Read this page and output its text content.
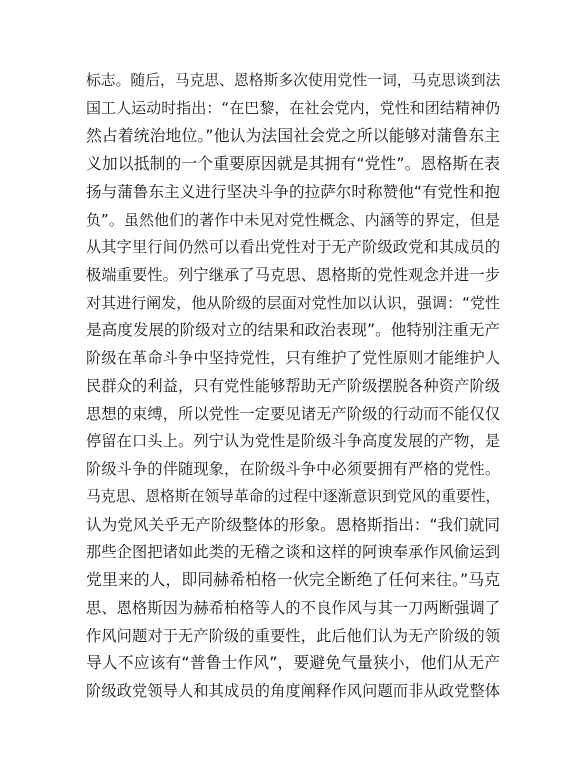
标志。随后，马克思、恩格斯多次使用党性一词，马克思谈到法
国工人运动时指出：“在巴黎，在社会党内，党性和团结精神仍
然占着统治地位。”他认为法国社会党之所以能够对蒲鲁东主
义加以抵制的一个重要原因就是其拥有“党性”。恩格斯在表
扬与蒲鲁东主义进行坚决斗争的拉萨尔时称赞他“有党性和抱
负”。虽然他们的著作中未见对党性概念、内涵等的界定，但是
从其字里行间仍然可以看出党性对于无产阶级政党和其成员的
极端重要性。列宁继承了马克思、恩格斯的党性观念并进一步
对其进行阐发，他从阶级的层面对党性加以认识，强调：“党性
是高度发展的阶级对立的结果和政治表现”。他特别注重无产
阶级在革命斗争中坚持党性，只有维护了党性原则才能维护人
民群众的利益，只有党性能够帮助无产阶级摆脱各种资产阶级
思想的束缚，所以党性一定要见诸无产阶级的行动而不能仅仅
停留在口头上。列宁认为党性是阶级斗争高度发展的产物，是
阶级斗争的伴随现象，在阶级斗争中必须要拥有严格的党性。
马克思、恩格斯在领导革命的过程中逐渐意识到党风的重要性，
认为党风关乎无产阶级整体的形象。恩格斯指出：“我们就同
那些企图把诸如此类的无稽之谈和这样的阿谀奉承作风偷运到
党里来的人，即同赫希柏格一伙完全断绝了任何来往。”马克
思、恩格斯因为赫希柏格等人的不良作风与其一刀两断强调了
作风问题对于无产阶级的重要性，此后他们认为无产阶级的领
导人不应该有“普鲁士作风”，要避免气量狭小，他们从无产
阶级政党领导人和其成员的角度阐释作风问题而非从政党整体
